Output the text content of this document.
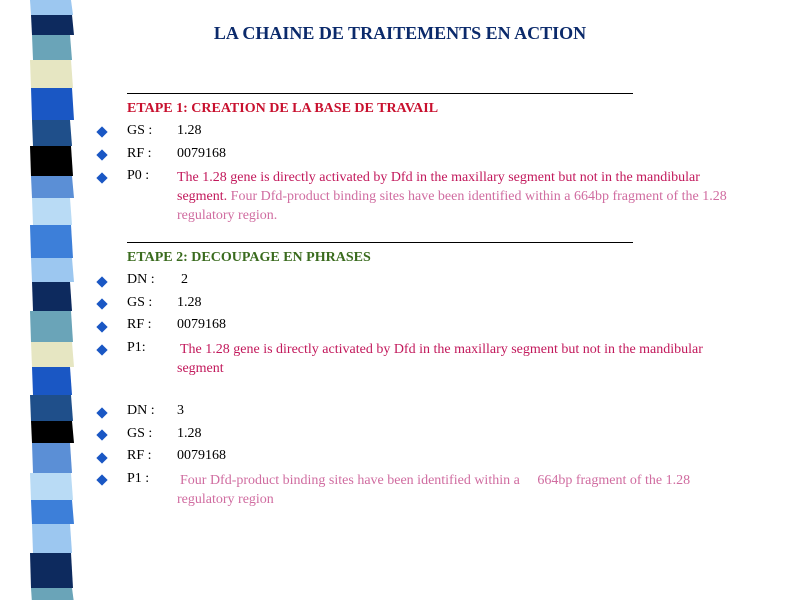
LA CHAINE DE TRAITEMENTS EN ACTION
ETAPE 1: CREATION DE LA BASE DE TRAVAIL
GS : 1.28
RF : 0079168
P0 : The 1.28 gene is directly activated by Dfd in the maxillary segment but not in the mandibular segment. Four Dfd-product binding sites have been identified within a 664bp fragment of the 1.28 regulatory region.
ETAPE 2: DECOUPAGE EN PHRASES
DN : 2
GS : 1.28
RF : 0079168
P1: The 1.28 gene is directly activated by Dfd in the maxillary segment but not in the mandibular segment
DN : 3
GS : 1.28
RF : 0079168
P1 : Four Dfd-product binding sites have been identified within a     664bp fragment of the 1.28 regulatory region
